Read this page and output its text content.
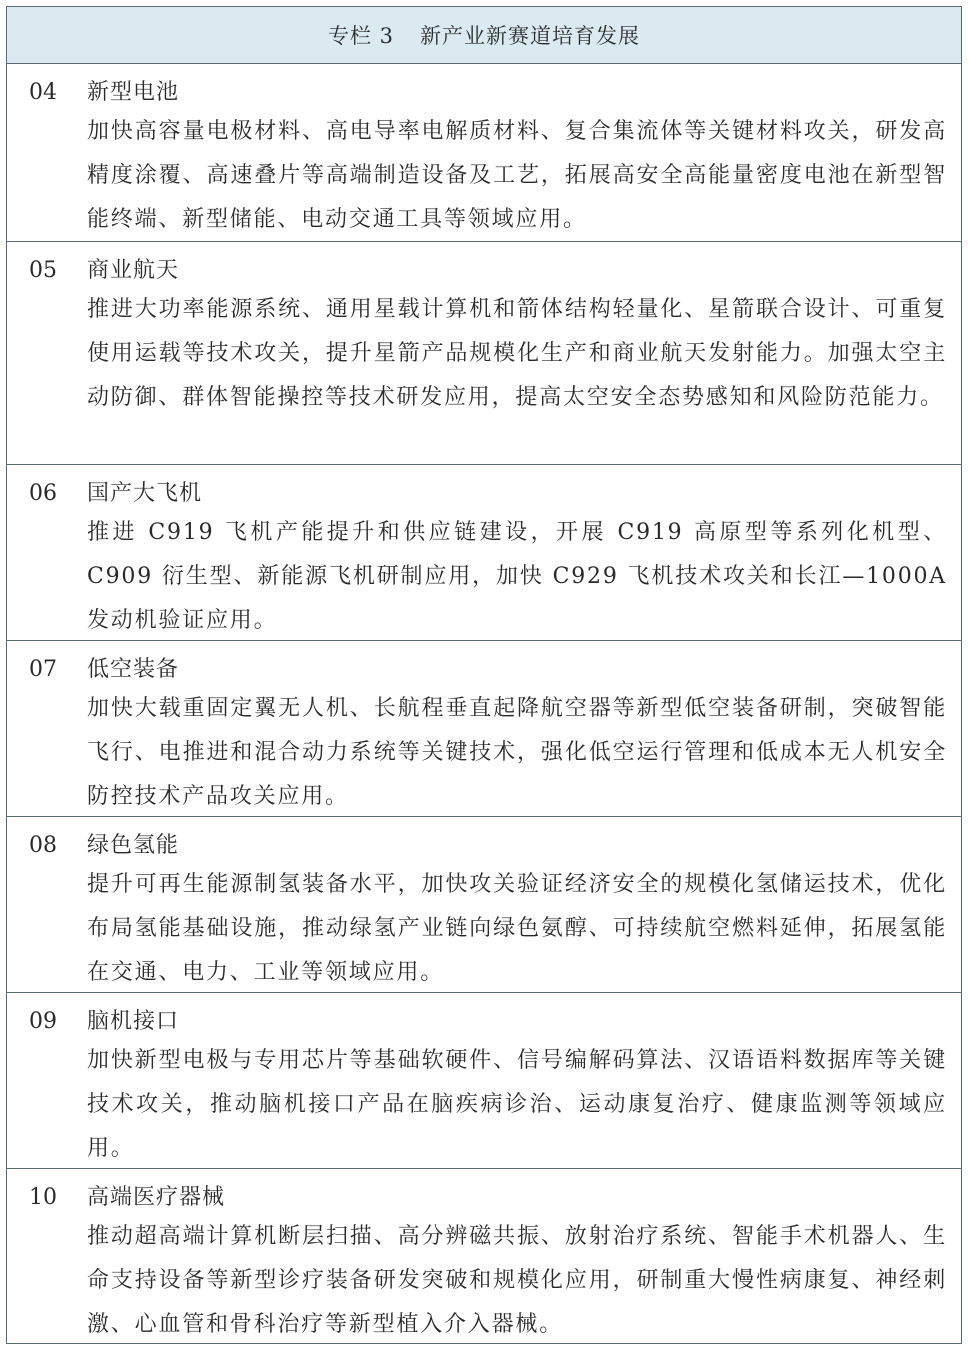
专栏 3 新产业新赛道培育发展
04	新型电池
加快高容量电极材料、高电导率电解质材料、复合集流体等关键材料攻关，研发高精度涂覆、高速叠片等高端制造设备及工艺，拓展高安全高能量密度电池在新型智能终端、新型储能、电动交通工具等领域应用。
05	商业航天
推进大功率能源系统、通用星载计算机和箭体结构轻量化、星箭联合设计、可重复使用运载等技术攻关，提升星箭产品规模化生产和商业航天发射能力。加强太空主动防御、群体智能操控等技术研发应用，提高太空安全态势感知和风险防范能力。
06	国产大飞机
推进 C919 飞机产能提升和供应链建设，开展 C919 高原型等系列化机型、C909 衍生型、新能源飞机研制应用，加快 C929 飞机技术攻关和长江—1000A 发动机验证应用。
07	低空装备
加快大载重固定翼无人机、长航程垂直起降航空器等新型低空装备研制，突破智能飞行、电推进和混合动力系统等关键技术，强化低空运行管理和低成本无人机安全防控技术产品攻关应用。
08	绿色氢能
提升可再生能源制氢装备水平，加快攻关验证经济安全的规模化氢储运技术，优化布局氢能基础设施，推动绿氢产业链向绿色氨醇、可持续航空燃料延伸，拓展氢能在交通、电力、工业等领域应用。
09	脑机接口
加快新型电极与专用芯片等基础软硬件、信号编解码算法、汉语语料数据库等关键技术攻关，推动脑机接口产品在脑疾病诊治、运动康复治疗、健康监测等领域应用。
10	高端医疗器械
推动超高端计算机断层扫描、高分辨磁共振、放射治疗系统、智能手术机器人、生命支持设备等新型诊疗装备研发突破和规模化应用，研制重大慢性病康复、神经刺激、心血管和骨科治疗等新型植入介入器械。
